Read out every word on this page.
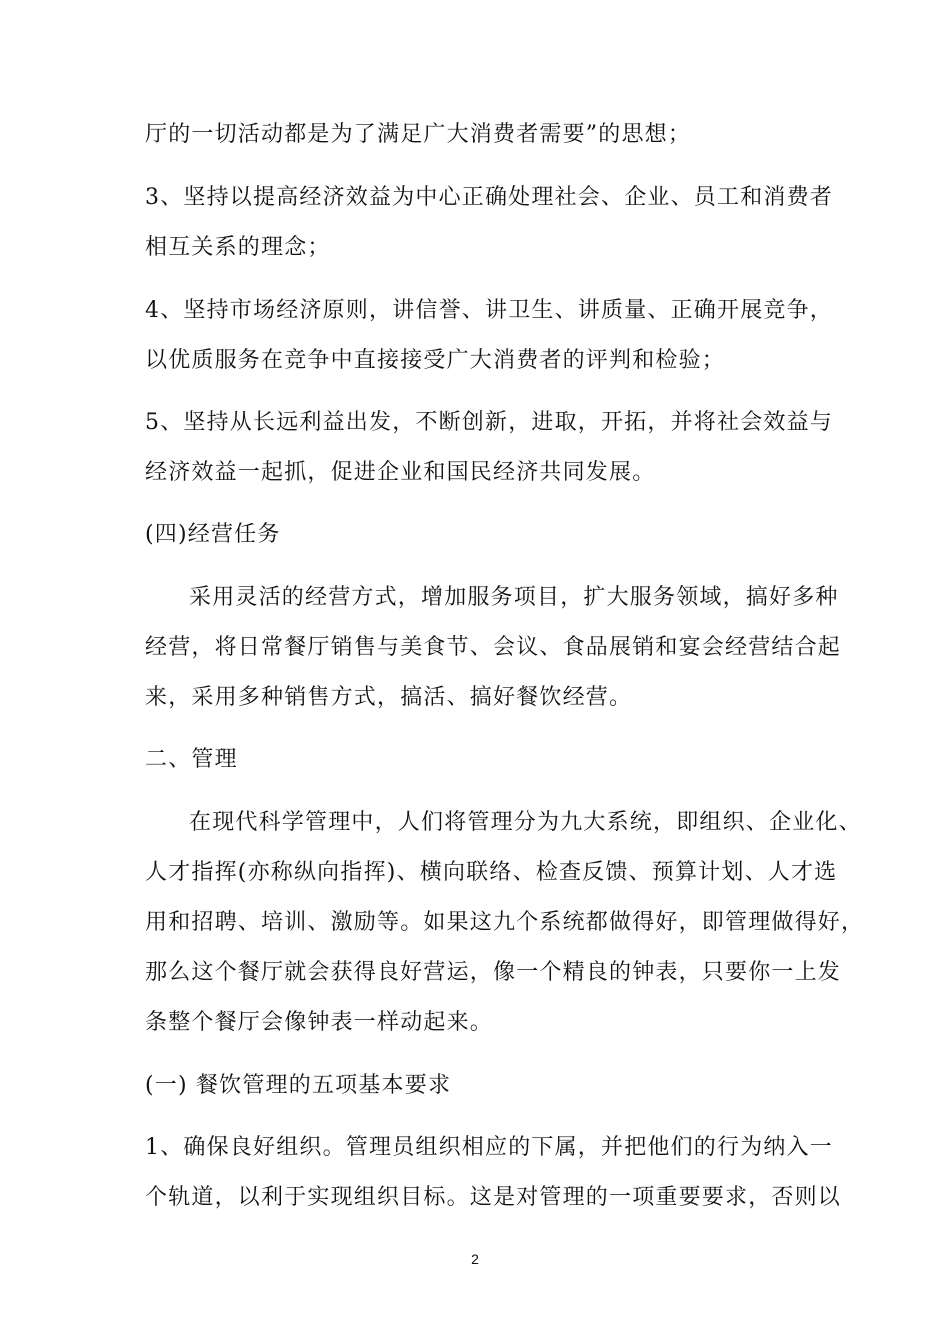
厅的一切活动都是为了满足广大消费者需要”的思想；
3、坚持以提高经济效益为中心正确处理社会、企业、员工和消费者
相互关系的理念；
4、坚持市场经济原则，讲信誉、讲卫生、讲质量、正确开展竞争，
以优质服务在竞争中直接接受广大消费者的评判和检验；
5、坚持从长远利益出发，不断创新，进取，开拓，并将社会效益与
经济效益一起抓，促进企业和国民经济共同发展。
(四)经营任务
采用灵活的经营方式，增加服务项目，扩大服务领域，搞好多种
经营，将日常餐厅销售与美食节、会议、食品展销和宴会经营结合起
来，采用多种销售方式，搞活、搞好餐饮经营。
二、管理
在现代科学管理中，人们将管理分为九大系统，即组织、企业化、
人才指挥(亦称纵向指挥)、横向联络、检查反馈、预算计划、人才选
用和招聘、培训、激励等。如果这九个系统都做得好，即管理做得好，
那么这个餐厅就会获得良好营运，像一个精良的钟表，只要你一上发
条整个餐厅会像钟表一样动起来。
(一) 餐饮管理的五项基本要求
1、确保良好组织。管理员组织相应的下属，并把他们的行为纳入一
个轨道，以利于实现组织目标。这是对管理的一项重要要求，否则以
2
